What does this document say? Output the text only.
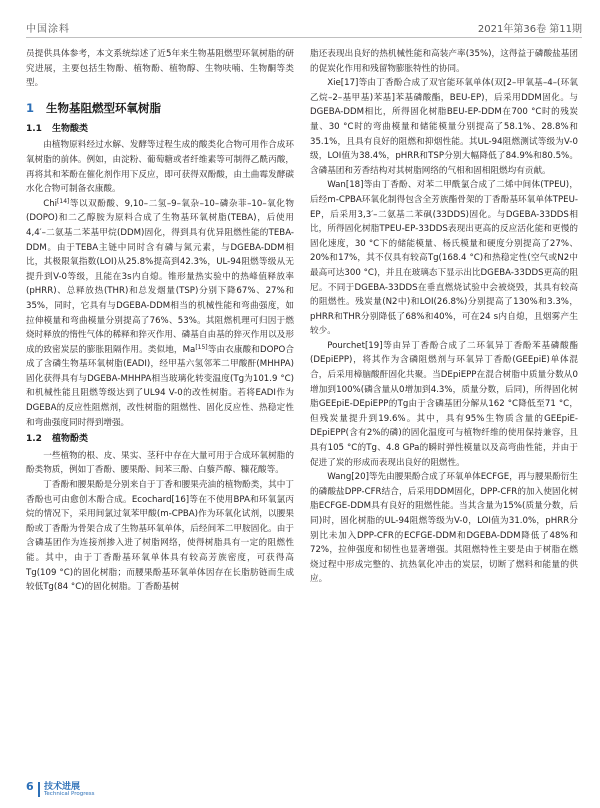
中国涂料	2021年第36卷 第11期

员提供具体参考，本文系统综述了近5年来生物基阻燃型环氧树脂的研究进展，主要包括生物酚、植物酚、植物醇、生物呋喃、生物酮等类型。

1 生物基阻燃型环氧树脂
1.1 生物酸类

由植物原料经过水解、发酵等过程生成的酸类化合物可用作合成环氧树脂的前体。例如，由淀粉、葡萄糖或者纤维素等可制得乙酰丙酸，再将其和苯酚在催化剂作用下反应，即可获得双酚酸，由土曲霉发酵碳水化合物可制备衣康酸。

Chi[14]等以双酚酸、9,10–二氢–9–氧杂–10–磷杂菲–10–氧化物(DOPO)和二乙醇胺为原料合成了生物基环氧树脂(TEBA)，后使用4,4′–二氨基二苯基甲烷(DDM)固化，得到具有优异阻燃性能的TEBA-DDM。由于TEBA主链中同时含有磷与氮元素，与DGEBA-DDM相比，其极限氧指数(LOI)从25.8%提高到42.3%，UL-94阻燃等级从无提升到V-0等级，且能在3s内自熄。锥形量热实验中的热峰值释放率(pHRR)、总释放热(THR)和总发烟量(TSP)分别下降67%、27%和35%，同时，它具有与DGEBA-DDM相当的机械性能和弯曲强度，如拉伸模量和弯曲模量分别提高了76%、53%。其阻燃机理可归因于燃烧时释放的惰性气体的稀释和猝灭作用、磷基自由基的猝灭作用以及形成的致密炭层的膨胀阻隔作用。类似地，Ma[15]等由衣康酸和DOPO合成了含磷生物基环氧树脂(EADI)，经甲基六氢邻苯二甲酸酐(MHHPA)固化获得具有与DGEBA-MHHPA相当玻璃化转变温度(Tg为101.9 °C)和机械性能且阻燃等级达到了UL94 V-0的改性树脂。若将EADI作为DGEBA的反应性阻燃剂，改性树脂的阻燃性、固化反应性、热稳定性和弯曲强度同时得到增强。

1.2 植物酚类

一些植物的根、皮、果实、茎秆中存在大量可用于合成环氧树脂的酚类物质，例如丁香酚、腰果酚、间苯三酚、白藜芦醇、糠花酸等。

丁香酚和腰果酚是分别来自于丁香和腰果壳油的植物酚类，其中丁香酚也可由愈创木酚合成。Ecochard[16]等在不使用BPA和环氧氯丙烷的情况下，采用间氯过氧苯甲酸(m-CPBA)作为环氧化试剂，以腰果酚或丁香酚为骨架合成了生物基环氧单体，后经间苯二甲胺固化。由于含磷基团作为连接剂掺入进了树脂网络，使得树脂具有一定的阻燃性能。其中，由于丁香酚基环氧单体具有较高芳族密度，可获得高Tg(109 °C)的固化树脂；而腰果酚基环氧单体因存在长脂肪链而生成较低Tg(84 °C)的固化树脂。丁香酚基树

脂还表现出良好的热机械性能和高装产率(35%)，这得益于磷酸盐基团的促炭化作用和残留物膨胀特性的协同。

Xie[17]等由丁香酚合成了双官能环氧单体(双[2–甲氧基–4–(环氧乙烷–2–基甲基)苯基]苯基磷酸酯，BEU-EP)，后采用DDM固化。与DGEBA-DDM相比，所得固化树脂BEU-EP-DDM在700 °C时的残炭量、30 °C时的弯曲模量和储能模量分别提高了58.1%、28.8%和35.1%，且具有良好的阻燃和抑烟性能。其UL-94阻燃测试等级为V-0级，LOI值为38.4%，pHRR和TSP分别大幅降低了84.9%和80.5%。含磷基团和芳香结构对其树脂网络的气相和固相阻燃均有贡献。

Wan[18]等由丁香酚、对苯二甲酰氯合成了二烯中间体(TPEU)，后经m-CPBA环氧化制得包含全芳族酯骨架的丁香酚基环氧单体TPEU-EP，后采用3,3′–二氨基二苯砜(33DDS)固化。与DGEBA-33DDS相比，所得固化树脂TPEU-EP-33DDS表现出更高的反应活化能和更慢的固化速度，30 °C下的储能模量、杨氏模量和硬度分别提高了27%、20%和17%，其不仅具有较高Tg(168.4 °C)和热稳定性(空气或N2中最高可达300 °C)，并且在玻璃态下显示出比DGEBA-33DDS更高的阻尼。不同于DGEBA-33DDS在垂直燃烧试验中会被烧毁，其具有较高的阻燃性。残炭量(N2中)和LOI(26.8%)分别提高了130%和3.3%，pHRR和THR分别降低了68%和40%，可在24 s内自熄，且烟雾产生较少。

Pourchet[19]等由异丁香酚合成了二环氧异丁香酚苯基磷酸酯(DEpiEPP)，将其作为含磷阻燃剂与环氧异丁香酚(GEEpiE)单体混合，后采用樟脑酸酐固化共聚。当DEpiEPP在混合树脂中质量分数从0增加到100%(磷含量从0增加到4.3%，质量分数，后同)，所得固化树脂GEEpiE-DEpiEPP的Tg由于含磷基团分解从162 °C降低至71 °C，但残炭量提升到19.6%。其中，具有95%生物质含量的GEEpiE-DEpiEPP(含有2%的磷)的固化温度可与植物纤维的使用保持兼容，且具有105 °C的Tg、4.8 GPa的瞬时弹性模量以及高弯曲性能，并由于促进了炭的形成而表现出良好的阻燃性。

Wang[20]等先由腰果酚合成了环氧单体ECFGE，再与腰果酚衍生的磷酸盐DPP-CFR结合，后采用DDM固化，DPP-CFR的加入使固化树脂ECFGE-DDM具有良好的阻燃性能。当其含量为15%(质量分数，后同)时，固化树脂的UL-94阻燃等级为V-0，LOI值为31.0%，pHRR分别比未加入DPP-CFR的ECFGE-DDM和DGEBA-DDM降低了48%和72%，拉伸强度和韧性也显著增强。其阻燃特性主要是由于树脂在燃烧过程中形成完整的、抗热氧化冲击的炭层，切断了燃料和能量的供应。

6 技术进展
Technical Progress
